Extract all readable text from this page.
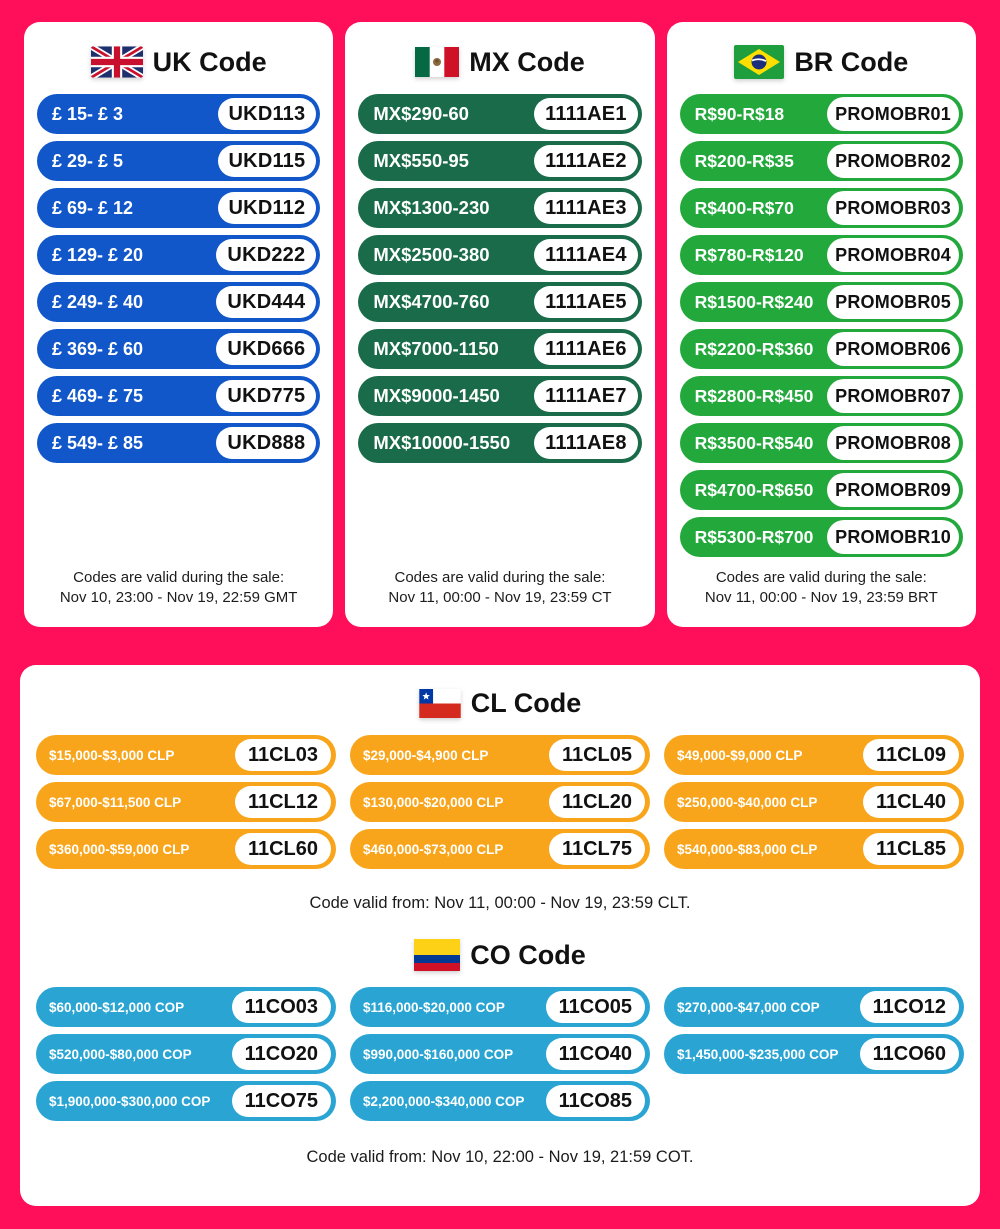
UK Code
£ 15- £ 3	UKD113
£ 29- £ 5	UKD115
£ 69- £ 12	UKD112
£ 129- £ 20	UKD222
£ 249- £ 40	UKD444
£ 369- £ 60	UKD666
£ 469- £ 75	UKD775
£ 549- £ 85	UKD888
Codes are valid during the sale:
Nov 10, 23:00 - Nov 19, 22:59 GMT
MX Code
MX$290-60	1111AE1
MX$550-95	1111AE2
MX$1300-230	1111AE3
MX$2500-380	1111AE4
MX$4700-760	1111AE5
MX$7000-1150	1111AE6
MX$9000-1450	1111AE7
MX$10000-1550	1111AE8
Codes are valid during the sale:
Nov 11, 00:00 - Nov 19, 23:59 CT
BR Code
R$90-R$18	PROMOBR01
R$200-R$35	PROMOBR02
R$400-R$70	PROMOBR03
R$780-R$120	PROMOBR04
R$1500-R$240	PROMOBR05
R$2200-R$360	PROMOBR06
R$2800-R$450	PROMOBR07
R$3500-R$540	PROMOBR08
R$4700-R$650	PROMOBR09
R$5300-R$700	PROMOBR10
Codes are valid during the sale:
Nov 11, 00:00 - Nov 19, 23:59 BRT
CL Code
$15,000-$3,000 CLP	11CL03	$29,000-$4,900 CLP	11CL05	$49,000-$9,000 CLP	11CL09
$67,000-$11,500 CLP	11CL12	$130,000-$20,000 CLP	11CL20	$250,000-$40,000 CLP	11CL40
$360,000-$59,000 CLP	11CL60	$460,000-$73,000 CLP	11CL75	$540,000-$83,000 CLP	11CL85
Code valid from: Nov 11, 00:00 - Nov 19, 23:59 CLT.
CO Code
$60,000-$12,000 COP	11CO03	$116,000-$20,000 COP	11CO05	$270,000-$47,000 COP	11CO12
$520,000-$80,000 COP	11CO20	$990,000-$160,000 COP	11CO40	$1,450,000-$235,000 COP	11CO60
$1,900,000-$300,000 COP	11CO75	$2,200,000-$340,000 COP	11CO85
Code valid from: Nov 10, 22:00 - Nov 19, 21:59 COT.
